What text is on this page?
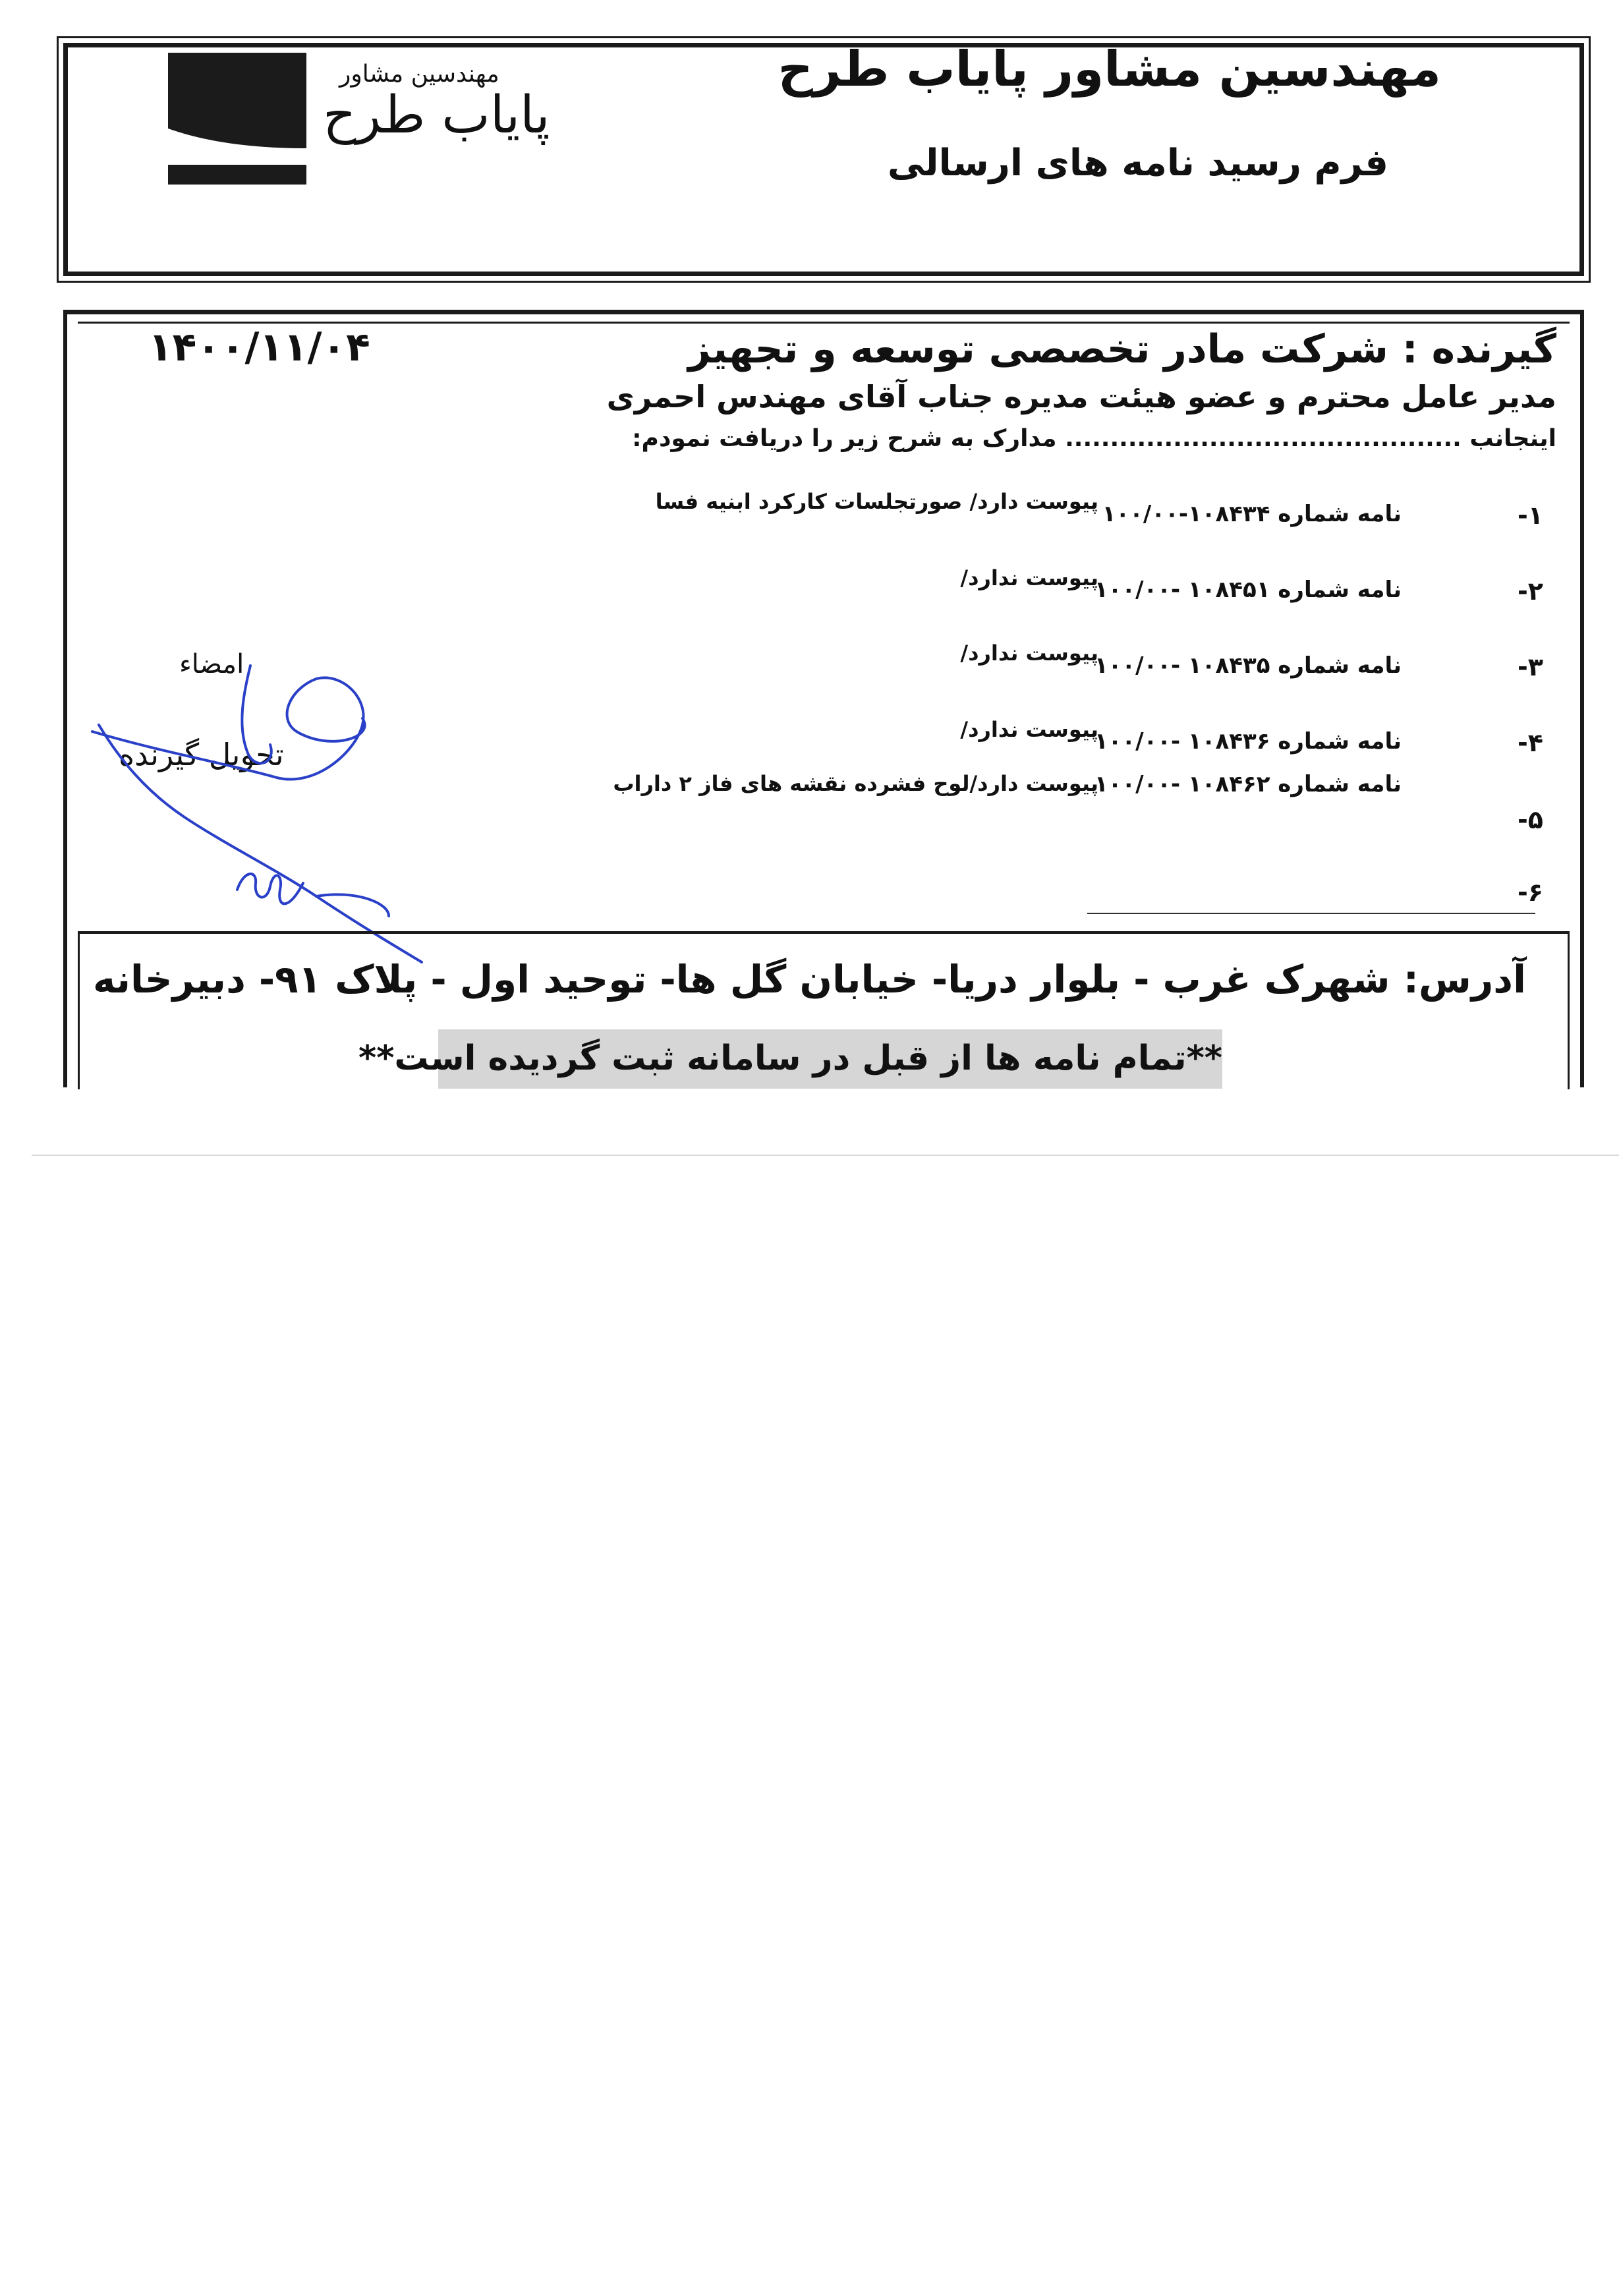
مهندسین مشاور پایاب طرح
فرم رسید نامه های ارسالی
مهندسین مشاور
پایاب طرح
گیرنده : شرکت مادر تخصصی توسعه و تجهیز
۱۴۰۰/۱۱/۰۴
مدیر عامل محترم و عضو هیئت مدیره جناب آقای مهندس احمری
اینجانب ............................................ مدارک به شرح زیر را دریافت نمودم:
۱-
نامه شماره ۱۰۸۴۳۴-۱۰۰/۰۰
پیوست دارد/ صورتجلسات کارکرد ابنیه فسا
۲-
نامه شماره ۱۰۸۴۵۱ -۱۰۰/۰۰
پیوست ندارد/
۳-
نامه شماره ۱۰۸۴۳۵ -۱۰۰/۰۰
پیوست ندارد/
۴-
نامه شماره ۱۰۸۴۳۶ -۱۰۰/۰۰
پیوست ندارد/
نامه شماره ۱۰۸۴۶۲ -۱۰۰/۰۰
پیوست دارد/لوح فشرده نقشه های فاز ۲ داراب
۵-
۶-
امضاء
تحویل گیرنده
آدرس: شهرک غرب - بلوار دریا- خیابان گل ها- توحید اول - پلاک ۹۱- دبیرخانه
**تمام نامه ها از قبل در سامانه ثبت گردیده است**
